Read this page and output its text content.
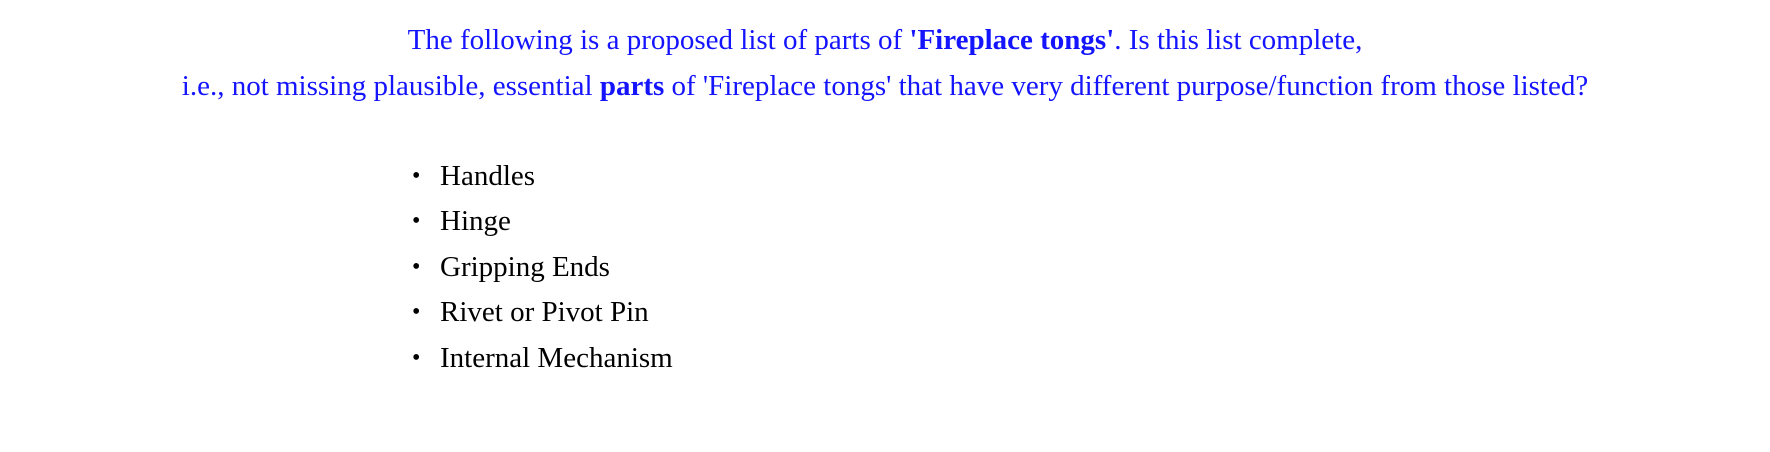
The following is a proposed list of parts of 'Fireplace tongs'. Is this list complete,
i.e., not missing plausible, essential parts of 'Fireplace tongs' that have very different purpose/function from those listed?
• Handles
• Hinge
• Gripping Ends
• Rivet or Pivot Pin
• Internal Mechanism
